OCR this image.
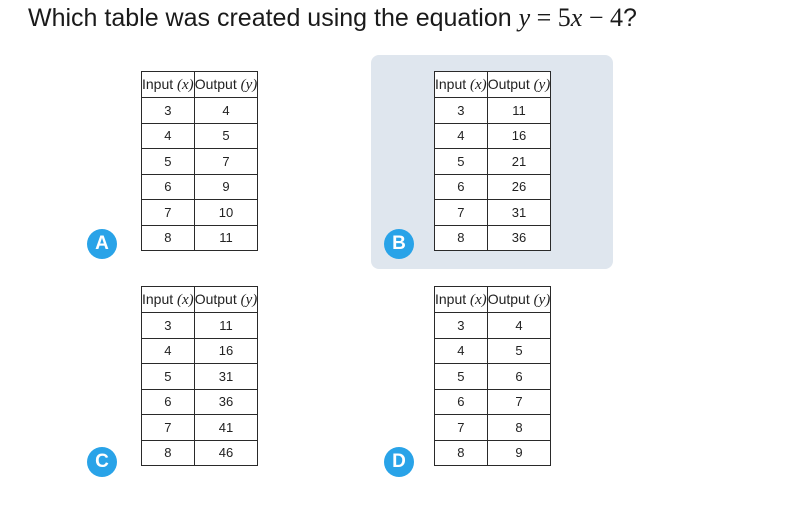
Which table was created using the equation y = 5x − 4?
Input (x)	Output (y)
3	4
4	5
5	7
6	9
7	10
8	11
A
Input (x)	Output (y)
3	11
4	16
5	21
6	26
7	31
8	36
B
Input (x)	Output (y)
3	11
4	16
5	31
6	36
7	41
8	46
C
Input (x)	Output (y)
3	4
4	5
5	6
6	7
7	8
8	9
D
